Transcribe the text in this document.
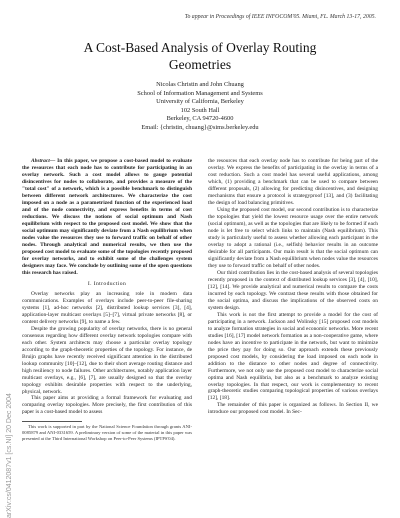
To appear in Proceedings of IEEE INFOCOM'05. Miami, FL. March 13-17, 2005.
A Cost-Based Analysis of Overlay Routing
Geometries
Nicolas Christin and John Chuang
School of Information Management and Systems
University of California, Berkeley
102 South Hall
Berkeley, CA 94720-4600
Email: {christin, chuang}@sims.berkeley.edu

Abstract— In this paper, we propose a cost-based model to evaluate the resources that each node has to contribute for participating in an overlay network. Such a cost model allows to gauge potential disincentives for nodes to collaborate, and provides a measure of the "total cost" of a network, which is a possible benchmark to distinguish between different network architectures. We characterize the cost imposed on a node as a parametrized function of the experienced load and of the node connectivity, and express benefits in terms of cost reductions. We discuss the notions of social optimum and Nash equilibrium with respect to the proposed cost model. We show that the social optimum may significantly deviate from a Nash equilibrium when nodes value the resources they use to forward traffic on behalf of other nodes. Through analytical and numerical results, we then use the proposed cost model to evaluate some of the topologies recently proposed for overlay networks, and to exhibit some of the challenges system designers may face. We conclude by outlining some of the open questions this research has raised.

I. Introduction

Overlay networks play an increasing role in modern data communications. Examples of overlays include peer-to-peer file-sharing systems [1], ad-hoc networks [2], distributed lookup services [3], [4], application-layer multicast overlays [5]–[7], virtual private networks [8], or content delivery networks [9], to name a few.

Despite the growing popularity of overlay networks, there is no general consensus regarding how different overlay network topologies compare with each other. System architects may choose a particular overlay topology according to the graph-theoretic properties of the topology. For instance, de Bruijn graphs have recently received significant attention in the distributed lookup community [10]–[12], due to their short average routing distance and high resiliency to node failures. Other architectures, notably application layer multicast overlays, e.g., [6], [7], are usually designed so that the overlay topology exhibits desirable properties with respect to the underlying, physical, network.

This paper aims at providing a formal framework for evaluating and comparing overlay topologies. More precisely, the first contribution of this paper is a cost-based model to assess

This work is supported in part by the National Science Foundation through grants ANI-0085879 and ANI-0331659. A preliminary version of some of the material in this paper was presented at the Third International Workshop on Peer-to-Peer Systems (IPTPS'04).

the resources that each overlay node has to contribute for being part of the overlay. We express the benefits of participating in the overlay in terms of a cost reduction. Such a cost model has several useful applications, among which, (1) providing a benchmark that can be used to compare between different proposals, (2) allowing for predicting disincentives, and designing mechanisms that ensure a protocol is strategyproof [13], and (3) facilitating the design of load balancing primitives.

Using the proposed cost model, our second contribution is to characterize the topologies that yield the lowest resource usage over the entire network (social optimum), as well as the topologies that are likely to be formed if each node is let free to select which links to maintain (Nash equilibrium). This study is particularly useful to assess whether allowing each participant in the overlay to adopt a rational (i.e., selfish) behavior results in an outcome desirable for all participants. Our main result is that the social optimum can significantly deviate from a Nash equilibrium when nodes value the resources they use to forward traffic on behalf of other nodes.

Our third contribution lies in the cost-based analysis of several topologies recently proposed in the context of distributed lookup services [3], [4], [10], [12], [14]. We provide analytical and numerical results to compare the costs incurred by each topology. We contrast these results with those obtained for the social optima, and discuss the implications of the observed costs on system design.

This work is not the first attempt to provide a model for the cost of participating in a network. Jackson and Wolinsky [15] proposed cost models to analyze formation strategies in social and economic networks. More recent studies [16], [17] model network formation as a non-cooperative game, where nodes have an incentive to participate in the network, but want to minimize the price they pay for doing so. Our approach extends these previously proposed cost models, by considering the load imposed on each node in addition to the distance to other nodes and degree of connectivity. Furthermore, we not only use the proposed cost model to characterize social optima and Nash equilibria, but also as a benchmark to analyze existing overlay topologies. In that respect, our work is complementary to recent graph-theoretic studies comparing topological properties of various overlays [12], [18].

The remainder of this paper is organized as follows. In Section II, we introduce our proposed cost model. In Sec-

arXiv:cs/0412087v1 [cs.NI] 20 Dec 2004
